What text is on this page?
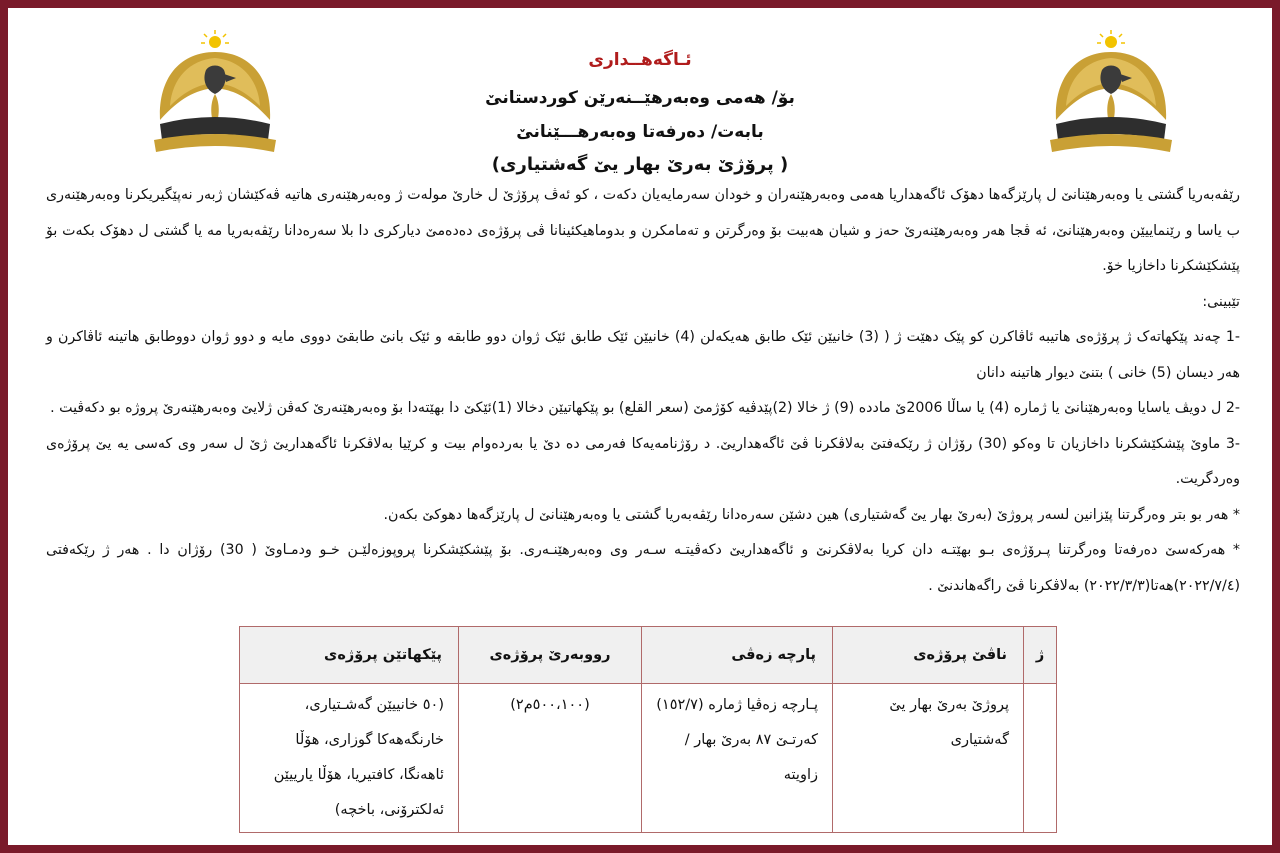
ئـاگەهــداری
بۆ/ هەمی وەبەرهێــنەرێن کوردستانێ
بابەت/ دەرفەتا وەبەرهـــێنانێ
( پرۆژێ بەرێ بهار یێ گەشتیاری)

رێڤەبەریا گشتی یا وەبەرهێنانێ ل پارێزگەها دهۆک ئاگەهداریا هەمی وەبەرهێنەران و خودان سەرمایەیان دکەت ، کو ئەڤ پرۆژێ ل خارێ مولەت ژ وەبەرهێنەری هاتیە ڤەکێشان ژبەر نەپێگیریکرنا وەبەرهێنەری ب یاسا و رێنماییێن وەبەرهێنانێ، ئە ڤجا هەر وەبەرهێنەرێ حەز و شیان هەبیت بۆ وەرگرتن و تەمامکرن و بدوماهیکئینانا ڤی پرۆژەی دەدەمێ دیارکری دا بلا سەرەدانا رێڤەبەریا مە یا گشتی ل دهۆک بکەت بۆ پێشکێشکرنا داخازیا خۆ.

تێبینی:

-1 چەند پێکهاتەک ژ پرۆژەی هاتیبە ئاڤاکرن کو پێک دهێت ژ ( (3) خانیێن ئێک طابق هەیکەلن (4) خانیێن ئێک طابق ئێک ژوان دوو طابقە و ئێک بانێ طابقێ دووی مایە و دوو ژوان دووطابق هاتینە ئاڤاکرن و هەر دیسان (5) خانی ) بتنێ دیوار هاتینە دانان

-2 ل دویڤ یاسایا وەبەرهێنانێ یا ژمارە (4) یا ساڵا 2006ێ ماددە (9) ژ خالا (2)پێدڤیە کۆژمێ (سعر القلع) بو پێکهاتیێن دخالا (1)ئێکێ دا بهێتەدا بۆ وەبەرهێنەرێ کەڤن ژلایێ وەبەرهێنەرێ پروژە بو دکەڤیت .

-3 ماوێ پێشکێشکرنا داخازیان تا وەکو (30) رۆژان ژ رێکەفتێ بەلاڤکرنا ڤێ ئاگەهداریێ. د رۆژنامەیەکا فەرمی دە دێ یا بەردەوام بیت و کرێیا بەلاڤکرنا ئاگەهداریێ ژێ ل سەر وی کەسی یە یێ پرۆژەی وەردگریت.

* هەر بو بتر وەرگرتنا پێزانین لسەر پروژێ (بەرێ بهار یێ گەشتیاری) هین دشێن سەرەدانا رێڤەبەریا گشتی یا وەبەرهێنانێ ل پارێزگەها دهوکێ بکەن.

* هەرکەسێ دەرفەتا وەرگرتنا پـرۆژەی بـو بهێتـە دان کریا بەلاڤکرنێ و ئاگەهداریێ دکەڤیتـە سـەر وی وەبەرهێنـەری. بۆ پێشکێشکرنا پروپوزەلێـن خـو ودمـاوێ ( 30) رۆژان دا . هەر ژ رێکەفتی (٢٠٢٢/٧/٤)هەتا(٢٠٢٢/٣/٣) بەلاڤکرنا ڤێ راگەهاندنێ .

ژ	ناڤێ پرۆژەی	پارچە زەڤی	رووبەرێ پرۆژەی	پێکهاتێن پرۆژەی
	پروژێ بەرێ بهار یێ گەشتیاری	پـارچە زەڤیا ژمارە (١٥٢/٧) کەرتـێ ٨٧ بەرێ بهار / زاویتە	(٥٠٠،١٠٠م٢)	(٥٠ خانییێن گەشـتیاری، خارنگەهەکا گوزاری، هۆڵا ئاهەنگا، کافتیریا، هۆڵا یارییێن ئەلکترۆنی، باخچە)
